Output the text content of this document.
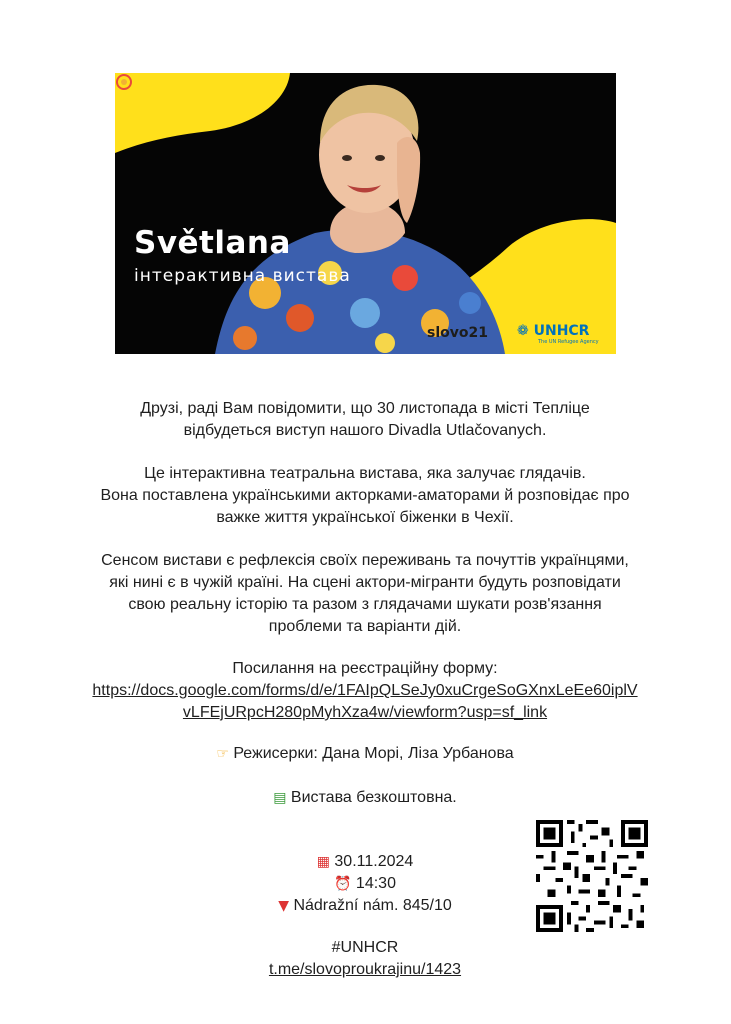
Světlana
інтерактивна вистава
slovo21 ❁ UNHCR
The UN Refugee Agency

Друзі, раді Вам повідомити, що 30 листопада в місті Тепліце

відбудеться виступ нашого Divadla Utlačovanych.

Це інтерактивна театральна вистава, яка залучає глядачів.

Вона поставлена українськими акторками-аматорами й розповідає про

важке життя української біженки в Чехії.

Сенсом вистави є рефлексія своїх переживань та почуттів українцями,

які нині є в чужій країні. На сцені актори-мігранти будуть розповідати

свою реальну історію та разом з глядачами шукати розв'язання

проблеми та варіанти дій.

Посилання на реєстраційну форму:

https://docs.google.com/forms/d/e/1FAIpQLSeJy0xuCrgeSoGXnxLeEe60iplV

vLFEjURpcH280pMyhXza4w/viewform?usp=sf_link

☞ Режисерки: Дана Морі, Ліза Урбанова

▤ Вистава безкоштовна.

▦ 30.11.2024

⏰ 14:30

▼ Nádražní nám. 845/10

#UNHCR

t.me/slovoproukrajinu/1423
